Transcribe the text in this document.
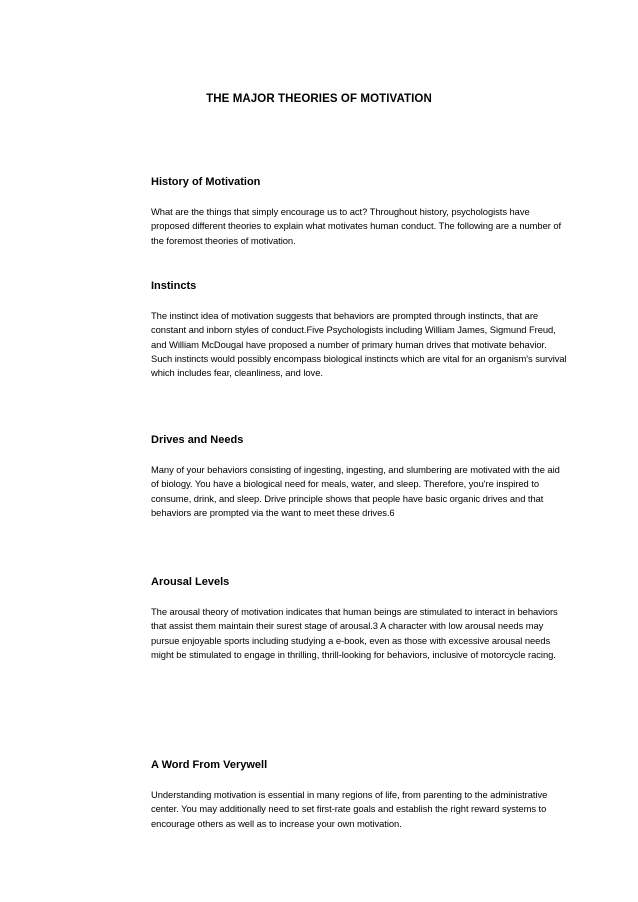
THE MAJOR THEORIES OF MOTIVATION
History of Motivation

What are the things that simply encourage us to act? Throughout history, psychologists have proposed different theories to explain what motivates human conduct. The following are a number of the foremost theories of motivation.

Instincts

The instinct idea of motivation suggests that behaviors are prompted through instincts, that are constant and inborn styles of conduct.Five Psychologists including William James, Sigmund Freud, and William McDougal have proposed a number of primary human drives that motivate behavior. Such instincts would possibly encompass biological instincts which are vital for an organism's survival which includes fear, cleanliness, and love.

Drives and Needs

Many of your behaviors consisting of ingesting, ingesting, and slumbering are motivated with the aid of biology. You have a biological need for meals, water, and sleep. Therefore, you're inspired to consume, drink, and sleep. Drive principle shows that people have basic organic drives and that behaviors are prompted via the want to meet these drives.6

Arousal Levels

The arousal theory of motivation indicates that human beings are stimulated to interact in behaviors that assist them maintain their surest stage of arousal.3 A character with low arousal needs may pursue enjoyable sports including studying a e-book, even as those with excessive arousal needs might be stimulated to engage in thrilling, thrill-looking for behaviors, inclusive of motorcycle racing.

A Word From Verywell

Understanding motivation is essential in many regions of life, from parenting to the administrative center. You may additionally need to set first-rate goals and establish the right reward systems to encourage others as well as to increase your own motivation.
